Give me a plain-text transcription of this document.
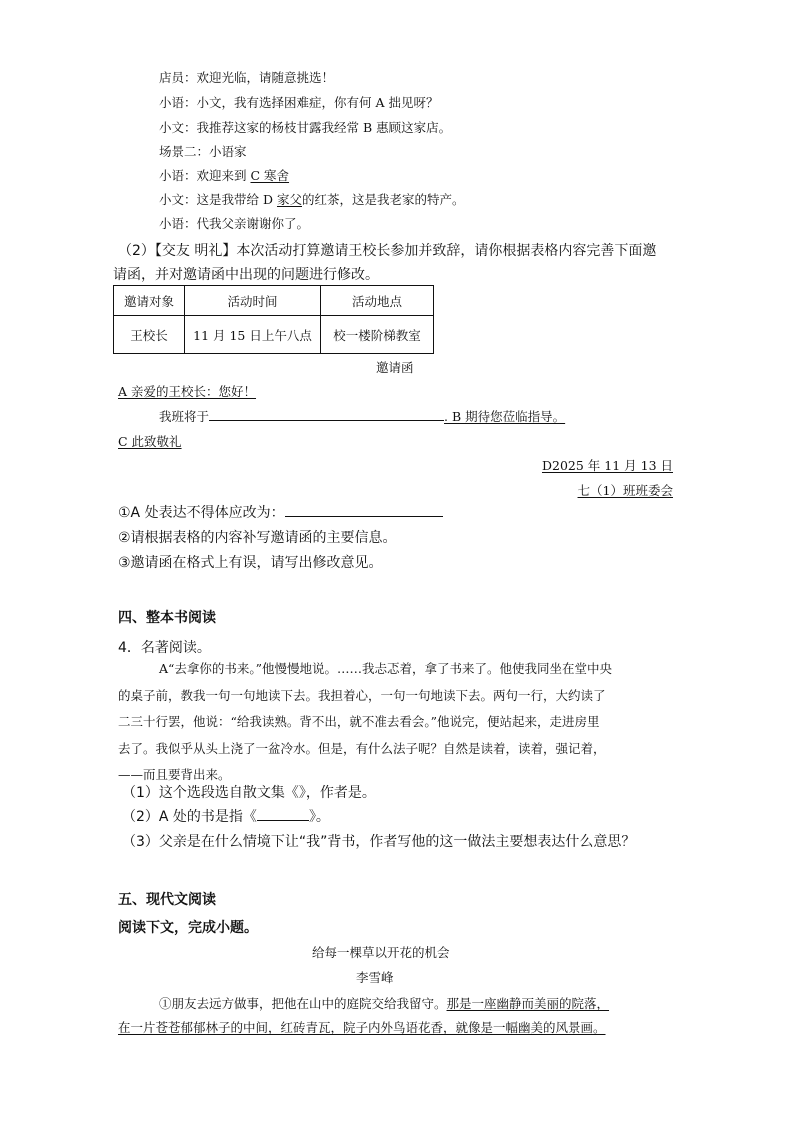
店员：欢迎光临，请随意挑选！
小语：小文，我有选择困难症，你有何 A 拙见呀？
小文：我推荐这家的杨枝甘露我经常 B 惠顾这家店。
场景二：小语家
小语：欢迎来到 C 寒舍
小文：这是我带给 D 家父的红茶，这是我老家的特产。
小语：代我父亲谢谢你了。
（2）【交友 明礼】本次活动打算邀请王校长参加并致辞，请你根据表格内容完善下面邀
请函，并对邀请函中出现的问题进行修改。
邀请对象	活动时间	活动地点
王校长	11 月 15 日上午八点	校一楼阶梯教室
邀请函
A 亲爱的王校长：您好！
我班将于	. B 期待您莅临指导。
C 此致敬礼
D2025 年 11 月 13 日
七（1）班班委会
①A 处表达不得体应改为：
②请根据表格的内容补写邀请函的主要信息。
③邀请函在格式上有误，请写出修改意见。
四、整本书阅读
4．名著阅读。
A“去拿你的书来。”他慢慢地说。……我忐忑着，拿了书来了。他使我同坐在堂中央
的桌子前，教我一句一句地读下去。我担着心，一句一句地读下去。两句一行，大约读了
二三十行罢，他说：“给我读熟。背不出，就不准去看会。”他说完，便站起来，走进房里
去了。我似乎从头上浇了一盆冷水。但是，有什么法子呢？自然是读着，读着，强记着，
——而且要背出来。
（1）这个选段选自散文集《》，作者是。
（2）A 处的书是指《	》。
（3）父亲是在什么情境下让“我”背书，作者写他的这一做法主要想表达什么意思？
五、现代文阅读
阅读下文，完成小题。
给每一棵草以开花的机会
李雪峰
①朋友去远方做事，把他在山中的庭院交给我留守。那是一座幽静而美丽的院落，
在一片苍苍郁郁林子的中间，红砖青瓦，院子内外鸟语花香，就像是一幅幽美的风景画。
